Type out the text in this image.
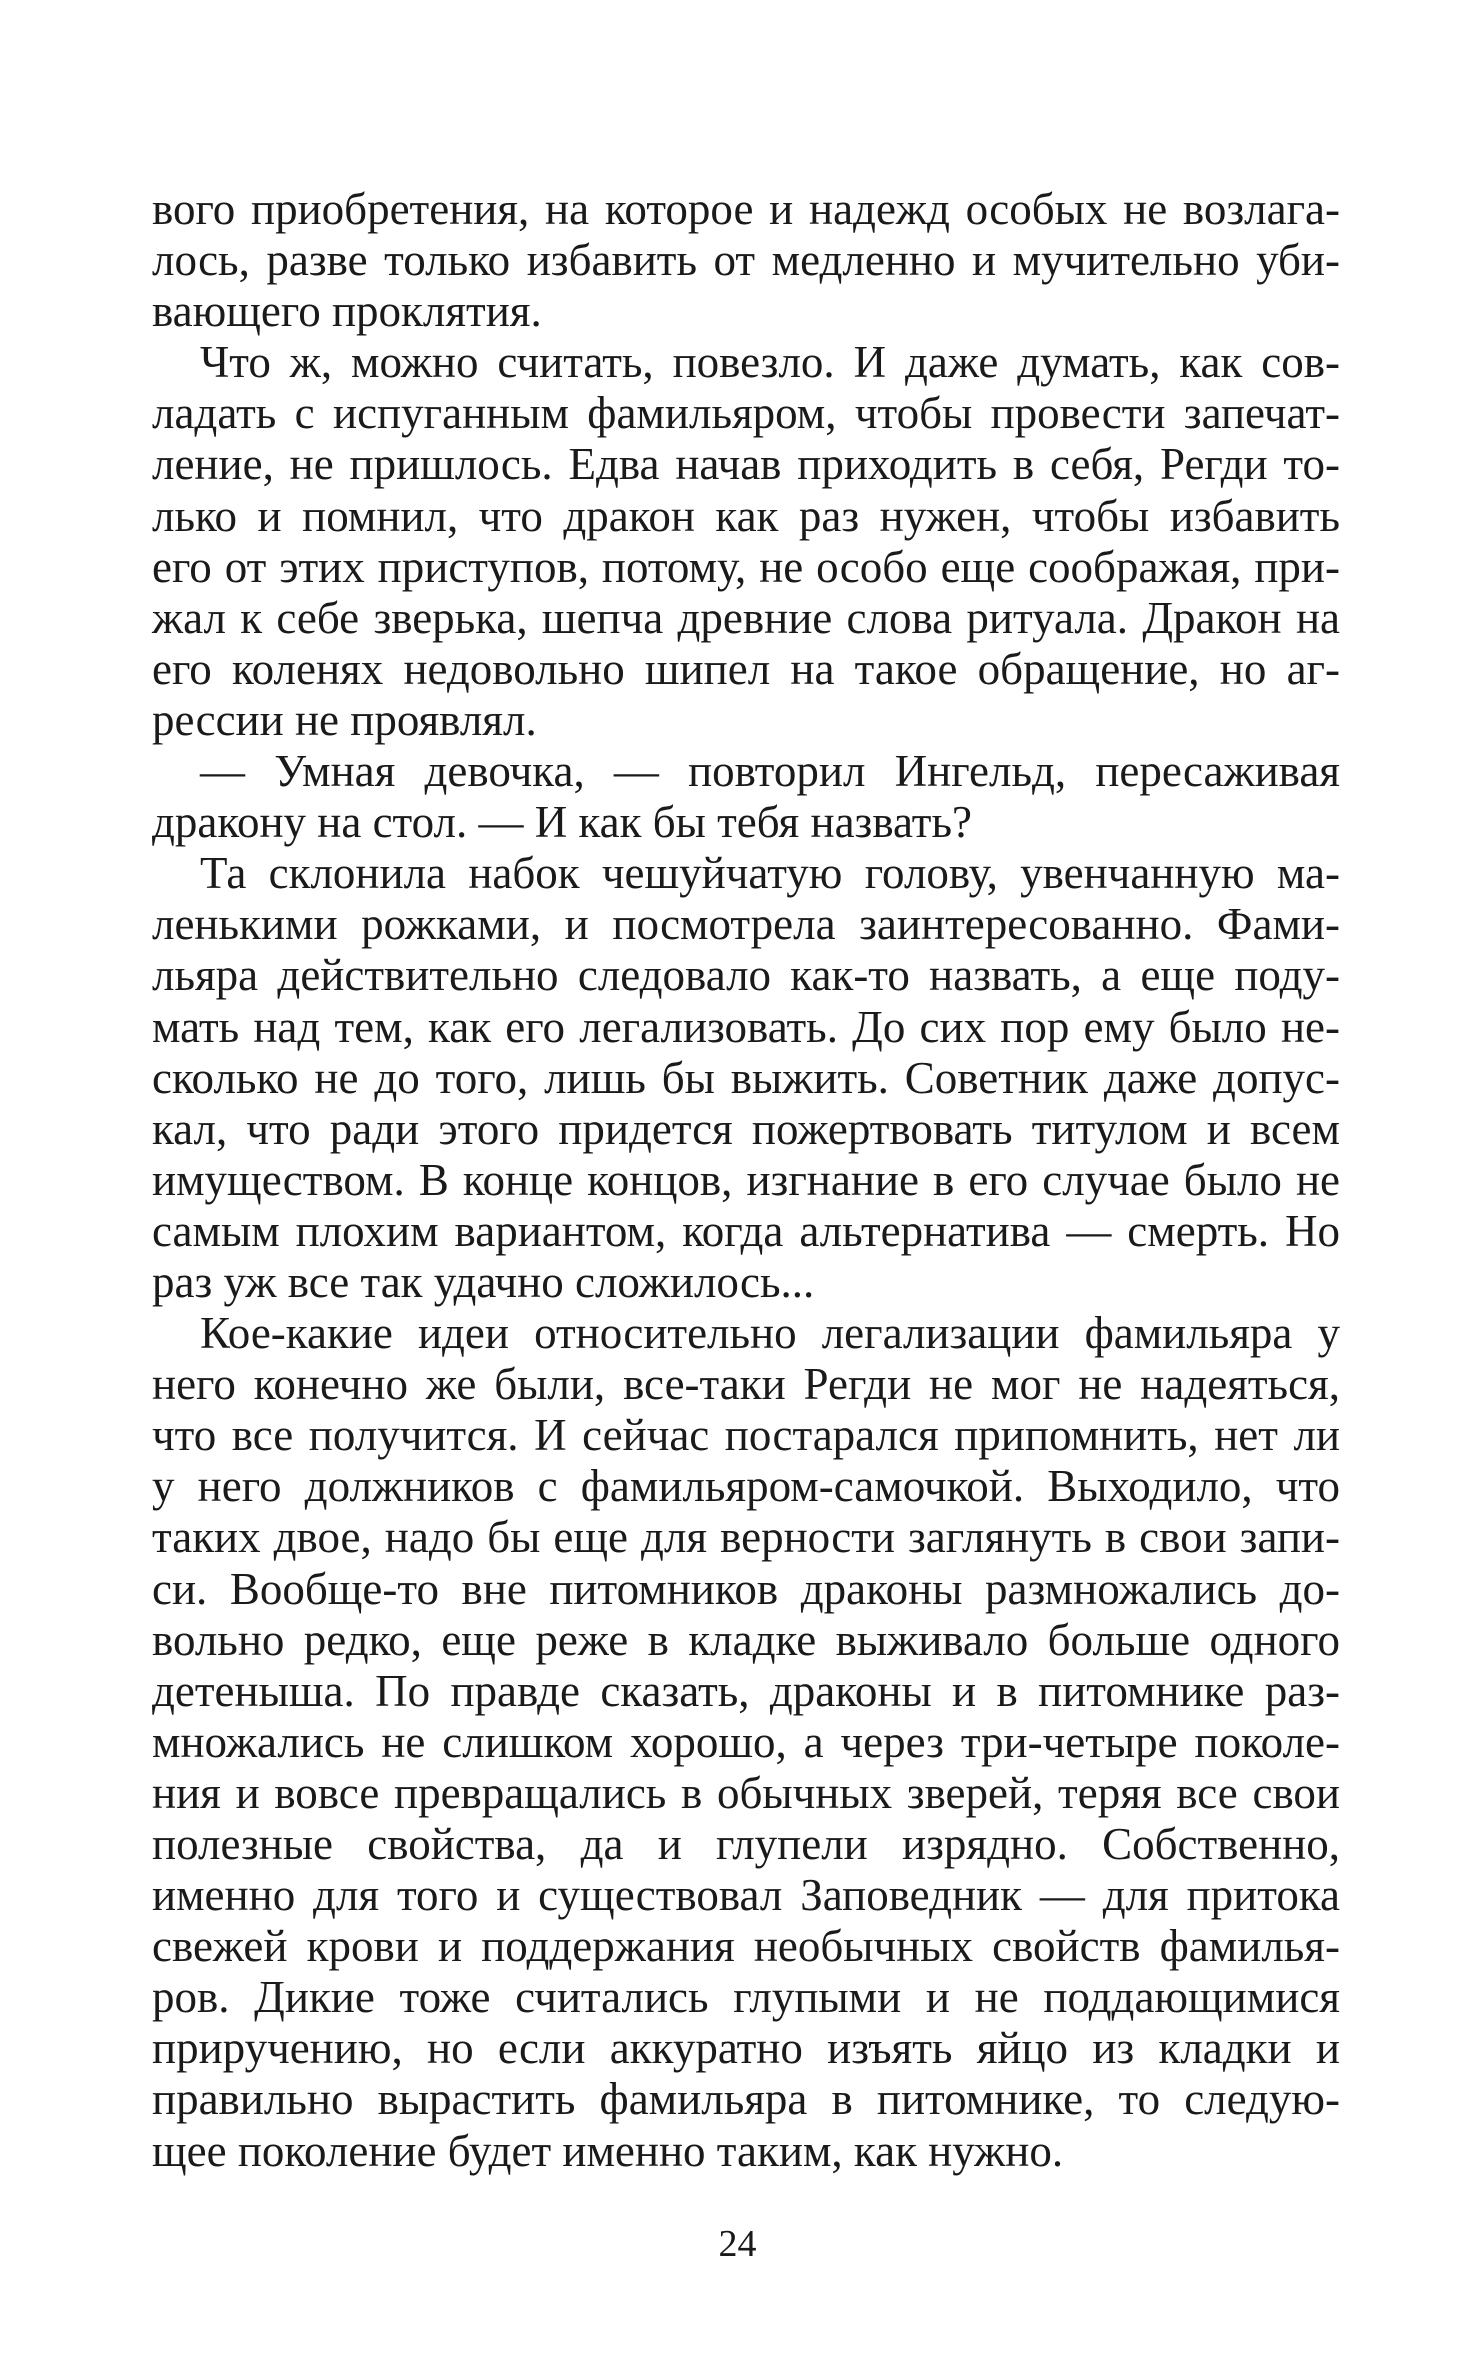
вого приобретения, на которое и надежд особых не возлага-
лось, разве только избавить от медленно и мучительно уби-
вающего проклятия.
Что ж, можно считать, повезло. И даже думать, как сов-
ладать с испуганным фамильяром, чтобы провести запечат-
ление, не пришлось. Едва начав приходить в себя, Регди то-
лько и помнил, что дракон как раз нужен, чтобы избавить
его от этих приступов, потому, не особо еще соображая, при-
жал к себе зверька, шепча древние слова ритуала. Дракон на
его коленях недовольно шипел на такое обращение, но аг-
рессии не проявлял.
— Умная девочка, — повторил Ингельд, пересаживая
дракону на стол. — И как бы тебя назвать?
Та склонила набок чешуйчатую голову, увенчанную ма-
ленькими рожками, и посмотрела заинтересованно. Фами-
льяра действительно следовало как-то назвать, а еще поду-
мать над тем, как его легализовать. До сих пор ему было не-
сколько не до того, лишь бы выжить. Советник даже допус-
кал, что ради этого придется пожертвовать титулом и всем
имуществом. В конце концов, изгнание в его случае было не
самым плохим вариантом, когда альтернатива — смерть. Но
раз уж все так удачно сложилось...
Кое-какие идеи относительно легализации фамильяра у
него конечно же были, все-таки Регди не мог не надеяться,
что все получится. И сейчас постарался припомнить, нет ли
у него должников с фамильяром-самочкой. Выходило, что
таких двое, надо бы еще для верности заглянуть в свои запи-
си. Вообще-то вне питомников драконы размножались до-
вольно редко, еще реже в кладке выживало больше одного
детеныша. По правде сказать, драконы и в питомнике раз-
множались не слишком хорошо, а через три-четыре поколе-
ния и вовсе превращались в обычных зверей, теряя все свои
полезные свойства, да и глупели изрядно. Собственно,
именно для того и существовал Заповедник — для притока
свежей крови и поддержания необычных свойств фамилья-
ров. Дикие тоже считались глупыми и не поддающимися
приручению, но если аккуратно изъять яйцо из кладки и
правильно вырастить фамильяра в питомнике, то следую-
щее поколение будет именно таким, как нужно.
24
